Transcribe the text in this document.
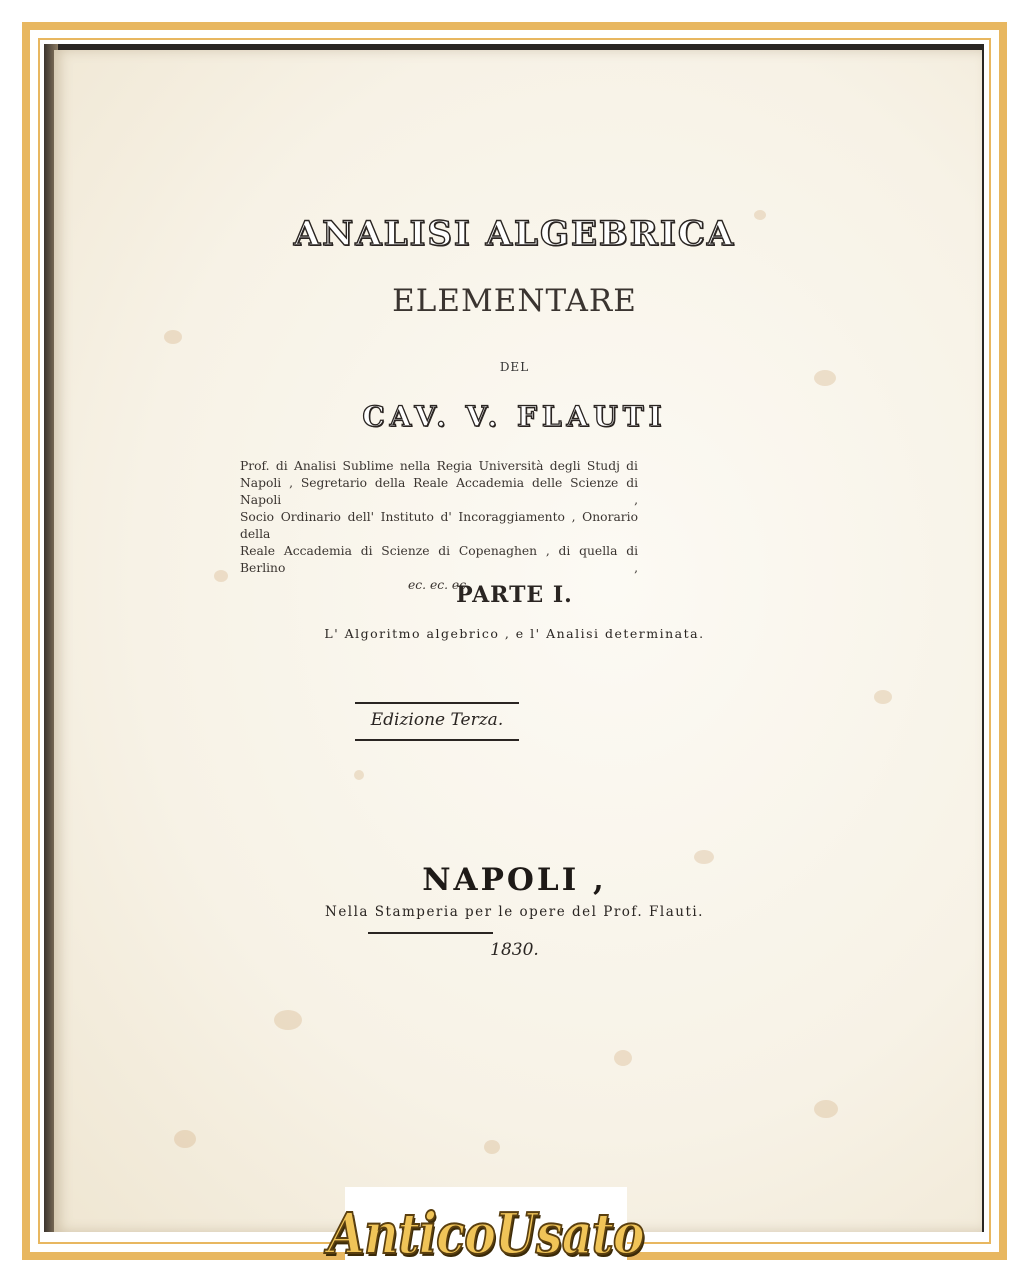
ANALISI ALGEBRICA
ELEMENTARE
DEL
CAV. V. FLAUTI
Prof. di Analisi Sublime nella Regia Università degli Studj di
Napoli , Segretario della Reale Accademia delle Scienze di Napoli ,
Socio Ordinario dell' Instituto d' Incoraggiamento , Onorario della
Reale Accademia di Scienze di Copenaghen , di quella di Berlino ,
ec. ec. ec.
PARTE I.
L' Algoritmo algebrico , e l' Analisi determinata.
Edizione Terza.
NAPOLI ,
Nella Stamperia per le opere del Prof. Flauti.
1830.
AnticoUsato
